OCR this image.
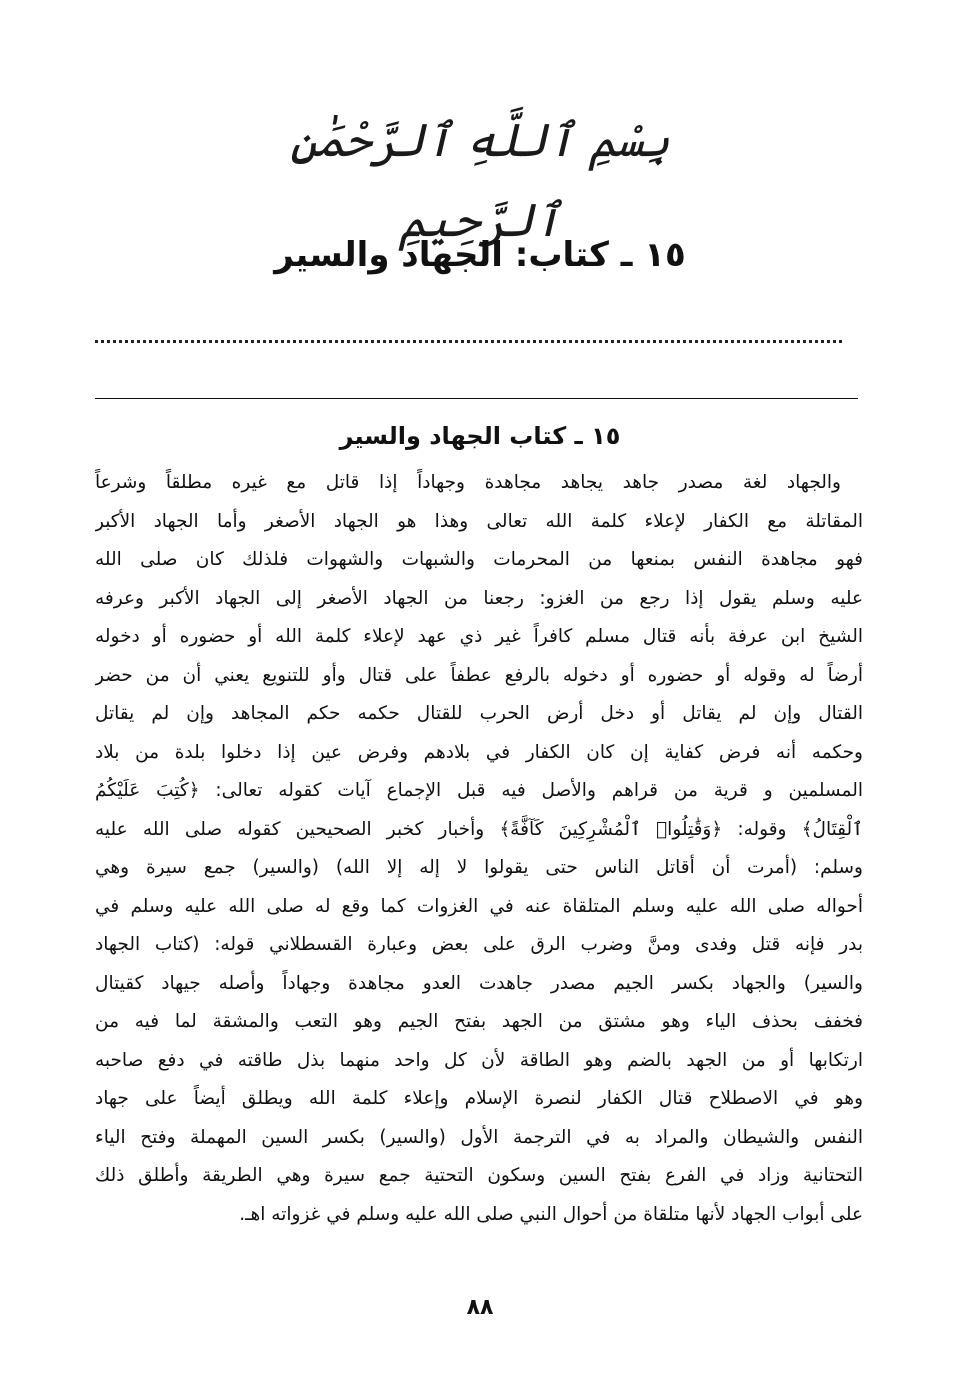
بِسْمِ ٱللَّهِ ٱلرَّحْمَٰنِ ٱلرَّحِيمِ
١٥ ـ كتاب: الجهاد والسير
١٥ ـ كتاب الجهاد والسير
والجهاد لغة مصدر جاهد يجاهد مجاهدة وجهاداً إذا قاتل مع غيره مطلقاً وشرعاً
المقاتلة مع الكفار لإعلاء كلمة الله تعالى وهذا هو الجهاد الأصغر وأما الجهاد الأكبر
فهو مجاهدة النفس بمنعها من المحرمات والشبهات والشهوات فلذلك كان صلى الله
عليه وسلم يقول إذا رجع من الغزو: رجعنا من الجهاد الأصغر إلى الجهاد الأكبر وعرفه
الشيخ ابن عرفة بأنه قتال مسلم كافراً غير ذي عهد لإعلاء كلمة الله أو حضوره أو دخوله
أرضاً له وقوله أو حضوره أو دخوله بالرفع عطفاً على قتال وأو للتنويع يعني أن من حضر
القتال وإن لم يقاتل أو دخل أرض الحرب للقتال حكمه حكم المجاهد وإن لم يقاتل
وحكمه أنه فرض كفاية إن كان الكفار في بلادهم وفرض عين إذا دخلوا بلدة من بلاد
المسلمين و قرية من قراهم والأصل فيه قبل الإجماع آيات كقوله تعالى: ﴿كُتِبَ عَلَيْكُمُ
ٱلْقِتَالُ﴾ وقوله: ﴿وَقَٰتِلُوا۟ ٱلْمُشْرِكِينَ كَآفَّةً﴾ وأخبار كخبر الصحيحين كقوله صلى الله عليه
وسلم: (أمرت أن أقاتل الناس حتى يقولوا لا إله إلا الله) (والسير) جمع سيرة وهي
أحواله صلى الله عليه وسلم المتلقاة عنه في الغزوات كما وقع له صلى الله عليه وسلم في
بدر فإنه قتل وفدى ومنَّ وضرب الرق على بعض وعبارة القسطلاني قوله: (كتاب الجهاد
والسير) والجهاد بكسر الجيم مصدر جاهدت العدو مجاهدة وجهاداً وأصله جيهاد كقيتال
فخفف بحذف الياء وهو مشتق من الجهد بفتح الجيم وهو التعب والمشقة لما فيه من
ارتكابها أو من الجهد بالضم وهو الطاقة لأن كل واحد منهما بذل طاقته في دفع صاحبه
وهو في الاصطلاح قتال الكفار لنصرة الإسلام وإعلاء كلمة الله ويطلق أيضاً على جهاد
النفس والشيطان والمراد به في الترجمة الأول (والسير) بكسر السين المهملة وفتح الياء
التحتانية وزاد في الفرع بفتح السين وسكون التحتية جمع سيرة وهي الطريقة وأطلق ذلك
على أبواب الجهاد لأنها متلقاة من أحوال النبي صلى الله عليه وسلم في غزواته اهـ.
٨٨
